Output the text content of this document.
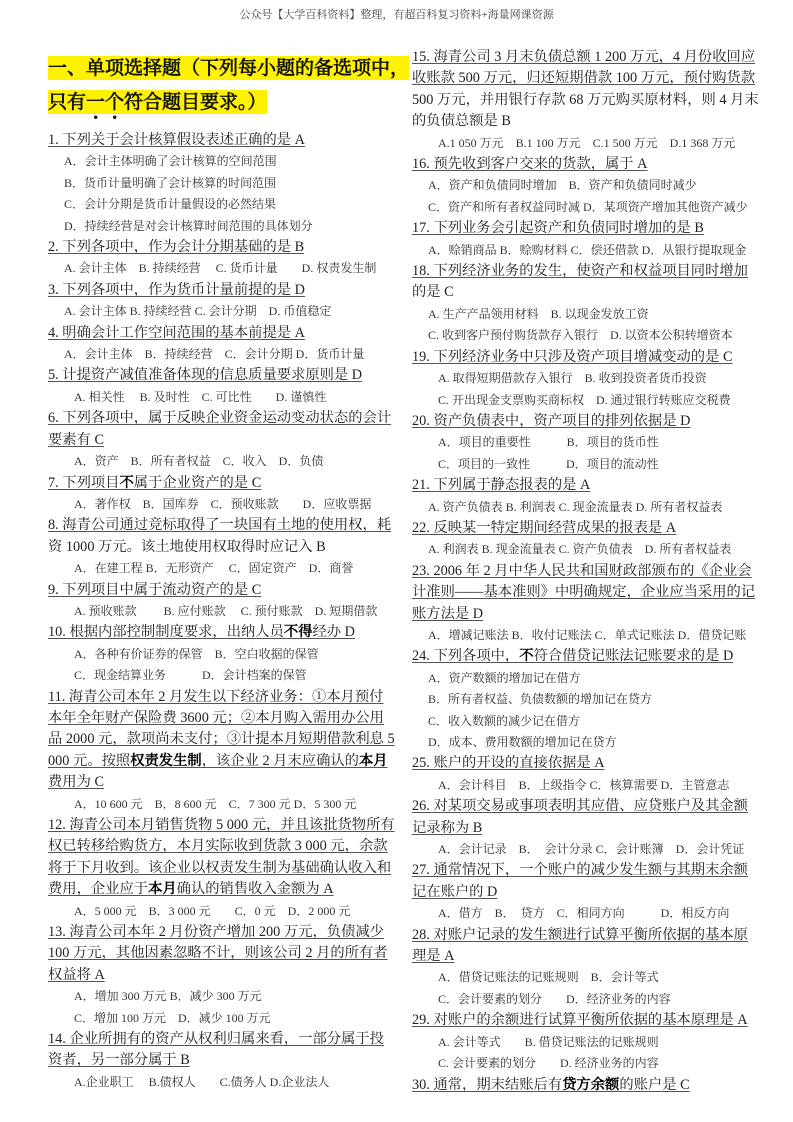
公众号【大学百科资料】整理，有超百科复习资料+海量网课资源
一、单项选择题（下列每小题的备选项中，
只有一个符合题目要求。）
1. 下列关于会计核算假设表述正确的是 A
A．会计主体明确了会计核算的空间范围
B．货币计量明确了会计核算的时间范围
C．会计分期是货币计量假设的必然结果
D．持续经营是对会计核算时间范围的具体划分
2. 下列各项中，作为会计分期基础的是 B
A. 会计主体　B. 持续经营　 C. 货币计量　　D. 权责发生制
3. 下列各项中，作为货币计量前提的是 D
A. 会计主体 B. 持续经营 C. 会计分期　D. 币值稳定
4. 明确会计工作空间范围的基本前提是 A
A．会计主体　B．持续经营　C．会计分期 D．货币计量
5. 计提资产减值准备体现的信息质量要求原则是 D
A. 相关性　 B. 及时性　C. 可比性　　D. 谨慎性
6. 下列各项中，属于反映企业资金运动变动状态的会计
要素有 C
A．资产　B．所有者权益　C．收入　D．负债
7. 下列项目不属于企业资产的是 C
A．著作权　B．国库券　C．预收账款　　D．应收票据
8. 海青公司通过竞标取得了一块国有土地的使用权，耗
资 1000 万元。该土地使用权取得时应记入 B
A．在建工程 B．无形资产　 C．固定资产　D．商誉
9. 下列项目中属于流动资产的是 C
A. 预收账款　　 B. 应付账款　 C. 预付账款　D. 短期借款
10. 根据内部控制制度要求，出纳人员不得经办 D
A．各种有价证券的保管　B．空白收据的保管
C．现金结算业务　　　D．会计档案的保管
11. 海青公司本年 2 月发生以下经济业务：①本月预付
本年全年财产保险费 3600 元；②本月购入需用办公用
品 2000 元，款项尚未支付；③计提本月短期借款利息 5
000 元。按照权责发生制，该企业 2 月末应确认的本月
费用为 C
A．10 600 元　B．8 600 元　C．7 300 元 D．5 300 元
12. 海青公司本月销售货物 5 000 元，并且该批货物所有
权已转移给购货方，本月实际收到货款 3 000 元，余款
将于下月收到。该企业以权责发生制为基础确认收入和
费用，企业应于本月确认的销售收入金额为 A
A．5 000 元　B．3 000 元　　C．0 元　D．2 000 元
13. 海青公司本年 2 月份资产增加 200 万元，负债减少
100 万元，其他因素忽略不计，则该公司 2 月的所有者
权益将 A
A．增加 300 万元 B．减少 300 万元
C．增加 100 万元　D．减少 100 万元
14. 企业所拥有的资产从权利归属来看，一部分属于投
资者，另一部分属于 B
A.企业职工　 B.债权人　　C.债务人 D.企业法人
15. 海青公司 3 月末负债总额 1 200 万元，4 月份收回应
收账款 500 万元，归还短期借款 100 万元，预付购货款
500 万元，并用银行存款 68 万元购买原材料，则 4 月末
的负债总额是 B
A.1 050 万元　B.1 100 万元　C.1 500 万元　D.1 368 万元
16. 预先收到客户交来的货款，属于 A
A．资产和负债同时增加　B．资产和负债同时减少
C．资产和所有者权益同时减 D．某项资产增加其他资产减少
17. 下列业务会引起资产和负债同时增加的是 B
A．赊销商品 B．赊购材料 C．偿还借款 D．从银行提取现金
18. 下列经济业务的发生，使资产和权益项目同时增加
的是 C
A. 生产产品领用材料　B. 以现金发放工资
C. 收到客户预付购货款存入银行　D. 以资本公积转增资本
19. 下列经济业务中只涉及资产项目增减变动的是 C
A. 取得短期借款存入银行　B. 收到投资者货币投资
C. 开出现金支票购买商标权　D. 通过银行转账应交税费
20. 资产负债表中，资产项目的排列依据是 D
A．项目的重要性　　　B．项目的货币性
C．项目的一致性　　　D．项目的流动性
21. 下列属于静态报表的是 A
A. 资产负债表 B. 利润表 C. 现金流量表 D. 所有者权益表
22. 反映某一特定期间经营成果的报表是 A
A. 利润表 B. 现金流量表 C. 资产负债表　D. 所有者权益表
23. 2006 年 2 月中华人民共和国财政部颁布的《企业会
计准则——基本准则》中明确规定，企业应当采用的记
账方法是 D
A．增减记账法 B．收付记账法 C．单式记账法 D．借贷记账
24. 下列各项中，不符合借贷记账法记账要求的是 D
A．资产数额的增加记在借方
B．所有者权益、负债数额的增加记在贷方
C．收入数额的减少记在借方
D．成本、费用数额的增加记在贷方
25. 账户的开设的直接依据是 A
A．会计科目　B．上级指令 C．核算需要 D．主管意志
26. 对某项交易或事项表明其应借、应贷账户及其金额
记录称为 B
A．会计记录　B．　会计分录 C．会计账簿　D．会计凭证
27. 通常情况下，一个账户的减少发生额与其期末余额
记在账户的 D
A．借方　B．　贷方　C．相同方向　　　D．相反方向
28. 对账户记录的发生额进行试算平衡所依据的基本原
理是 A
A．借贷记账法的记账规则　B．会计等式
C．会计要素的划分　　D．经济业务的内容
29. 对账户的余额进行试算平衡所依据的基本原理是 A
A. 会计等式　　B. 借贷记账法的记账规则
C. 会计要素的划分　　D. 经济业务的内容
30. 通常，期末结账后有贷方余额的账户是 C
